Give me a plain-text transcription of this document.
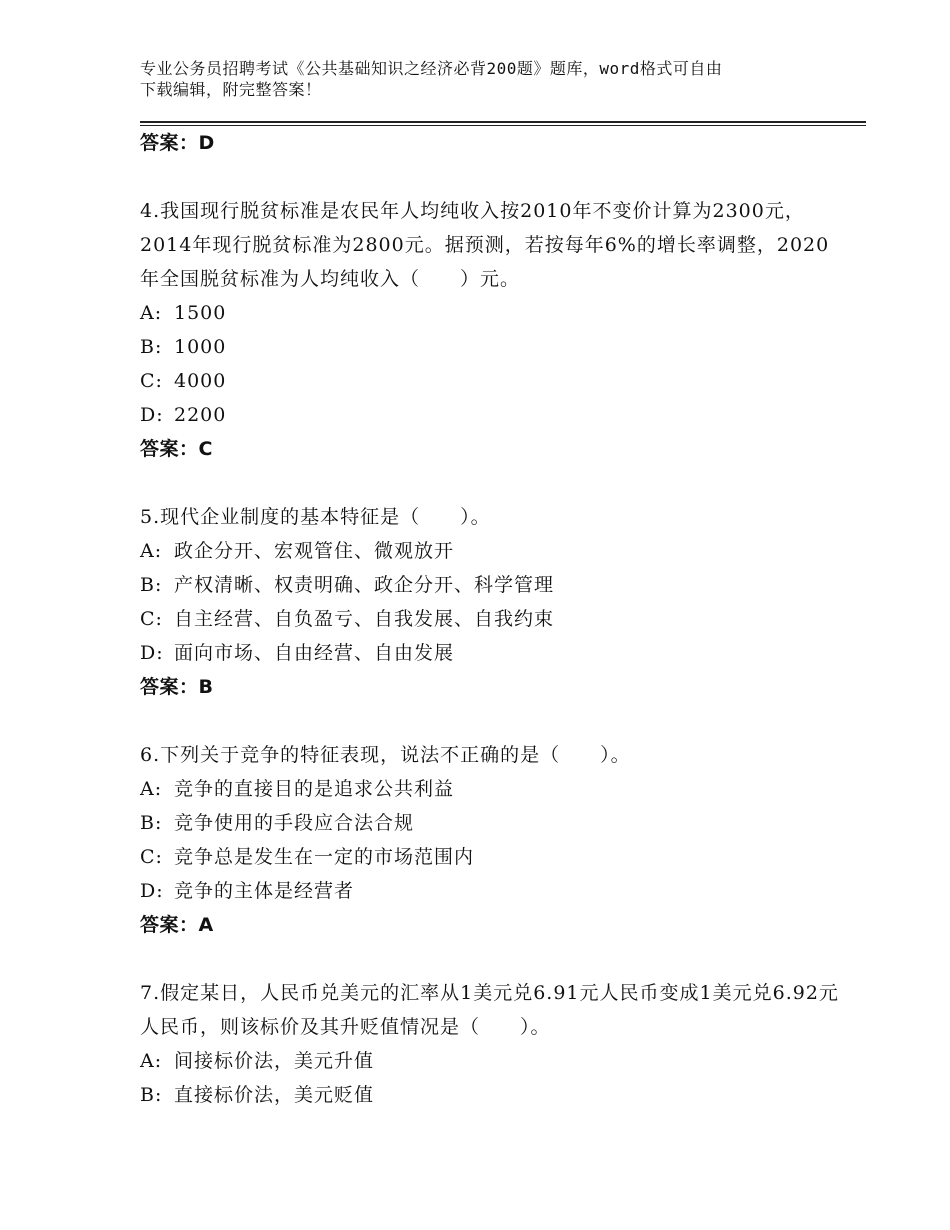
专业公务员招聘考试《公共基础知识之经济必背200题》题库，word格式可自由
下载编辑，附完整答案！
答案：D

4.我国现行脱贫标准是农民年人均纯收入按2010年不变价计算为2300元，2014年现行脱贫标准为2800元。据预测，若按每年6%的增长率调整，2020年全国脱贫标准为人均纯收入（　　）元。

A: 1500
B: 1000
C: 4000
D: 2200
答案：C

5.现代企业制度的基本特征是（　　）。

A: 政企分开、宏观管住、微观放开
B: 产权清晰、权责明确、政企分开、科学管理
C: 自主经营、自负盈亏、自我发展、自我约束
D: 面向市场、自由经营、自由发展
答案：B

6.下列关于竞争的特征表现，说法不正确的是（　　）。

A: 竞争的直接目的是追求公共利益
B: 竞争使用的手段应合法合规
C: 竞争总是发生在一定的市场范围内
D: 竞争的主体是经营者
答案：A

7.假定某日，人民币兑美元的汇率从1美元兑6.91元人民币变成1美元兑6.92元人民币，则该标价及其升贬值情况是（　　）。

A: 间接标价法，美元升值
B: 直接标价法，美元贬值
